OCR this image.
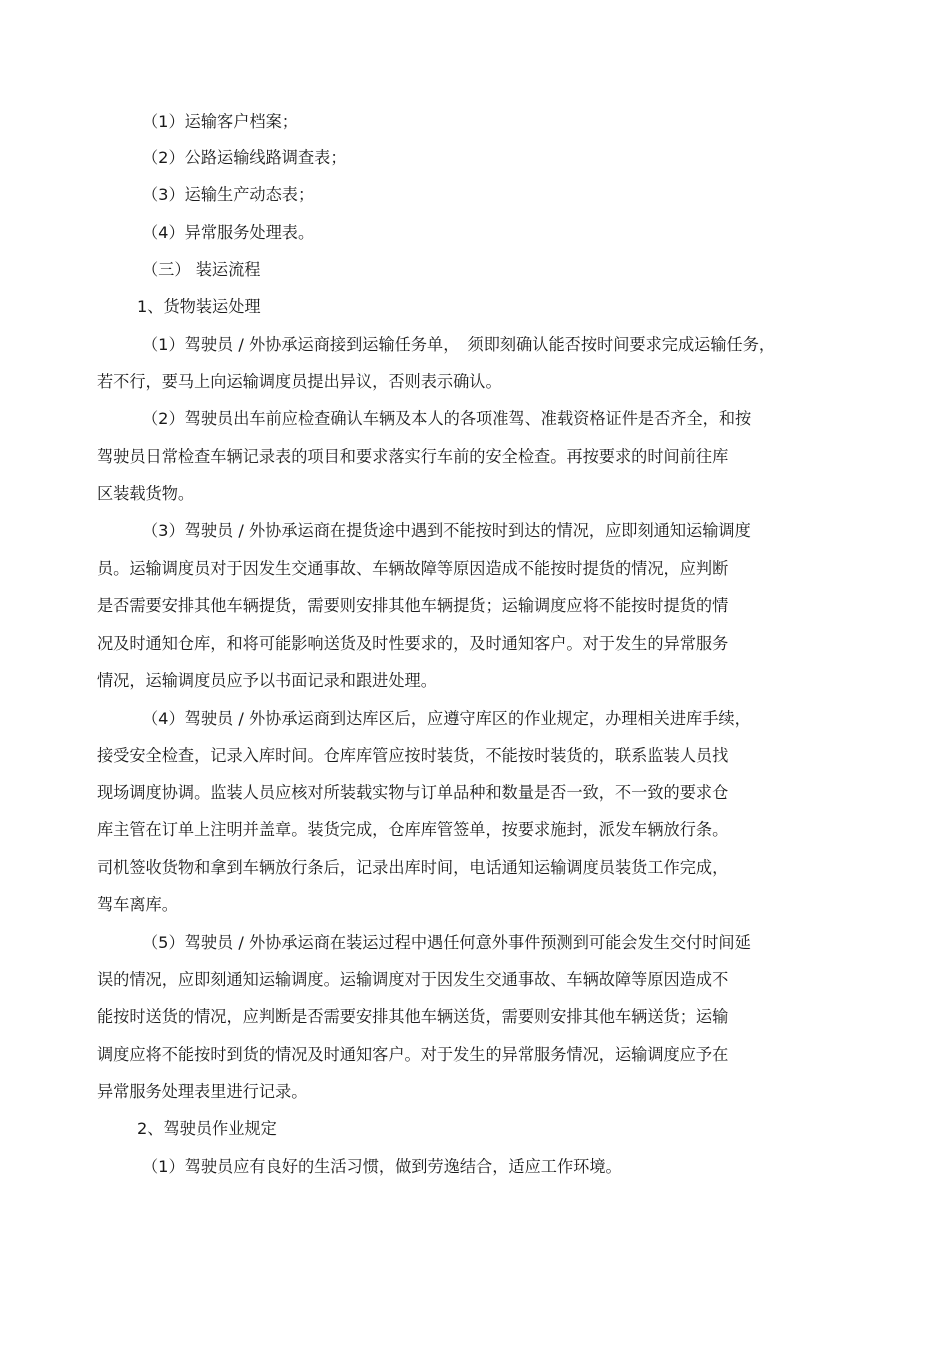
（1）运输客户档案；
（2）公路运输线路调查表；
（3）运输生产动态表；
（4）异常服务处理表。
（三） 装运流程
1、货物装运处理
（1）驾驶员 / 外协承运商接到运输任务单，　须即刻确认能否按时间要求完成运输任务，
若不行，要马上向运输调度员提出异议，否则表示确认。
（2）驾驶员出车前应检查确认车辆及本人的各项准驾、准载资格证件是否齐全，和按
驾驶员日常检查车辆记录表的项目和要求落实行车前的安全检查。再按要求的时间前往库
区装载货物。
（3）驾驶员 / 外协承运商在提货途中遇到不能按时到达的情况，应即刻通知运输调度
员。运输调度员对于因发生交通事故、车辆故障等原因造成不能按时提货的情况，应判断
是否需要安排其他车辆提货，需要则安排其他车辆提货；运输调度应将不能按时提货的情
况及时通知仓库，和将可能影响送货及时性要求的，及时通知客户。对于发生的异常服务
情况，运输调度员应予以书面记录和跟进处理。
（4）驾驶员 / 外协承运商到达库区后，应遵守库区的作业规定，办理相关进库手续，
接受安全检查，记录入库时间。仓库库管应按时装货，不能按时装货的，联系监装人员找
现场调度协调。监装人员应核对所装载实物与订单品种和数量是否一致，不一致的要求仓
库主管在订单上注明并盖章。装货完成，仓库库管签单，按要求施封，派发车辆放行条。
司机签收货物和拿到车辆放行条后，记录出库时间，电话通知运输调度员装货工作完成，
驾车离库。
（5）驾驶员 / 外协承运商在装运过程中遇任何意外事件预测到可能会发生交付时间延
误的情况，应即刻通知运输调度。运输调度对于因发生交通事故、车辆故障等原因造成不
能按时送货的情况，应判断是否需要安排其他车辆送货，需要则安排其他车辆送货；运输
调度应将不能按时到货的情况及时通知客户。对于发生的异常服务情况，运输调度应予在
异常服务处理表里进行记录。
2、驾驶员作业规定
（1）驾驶员应有良好的生活习惯，做到劳逸结合，适应工作环境。
